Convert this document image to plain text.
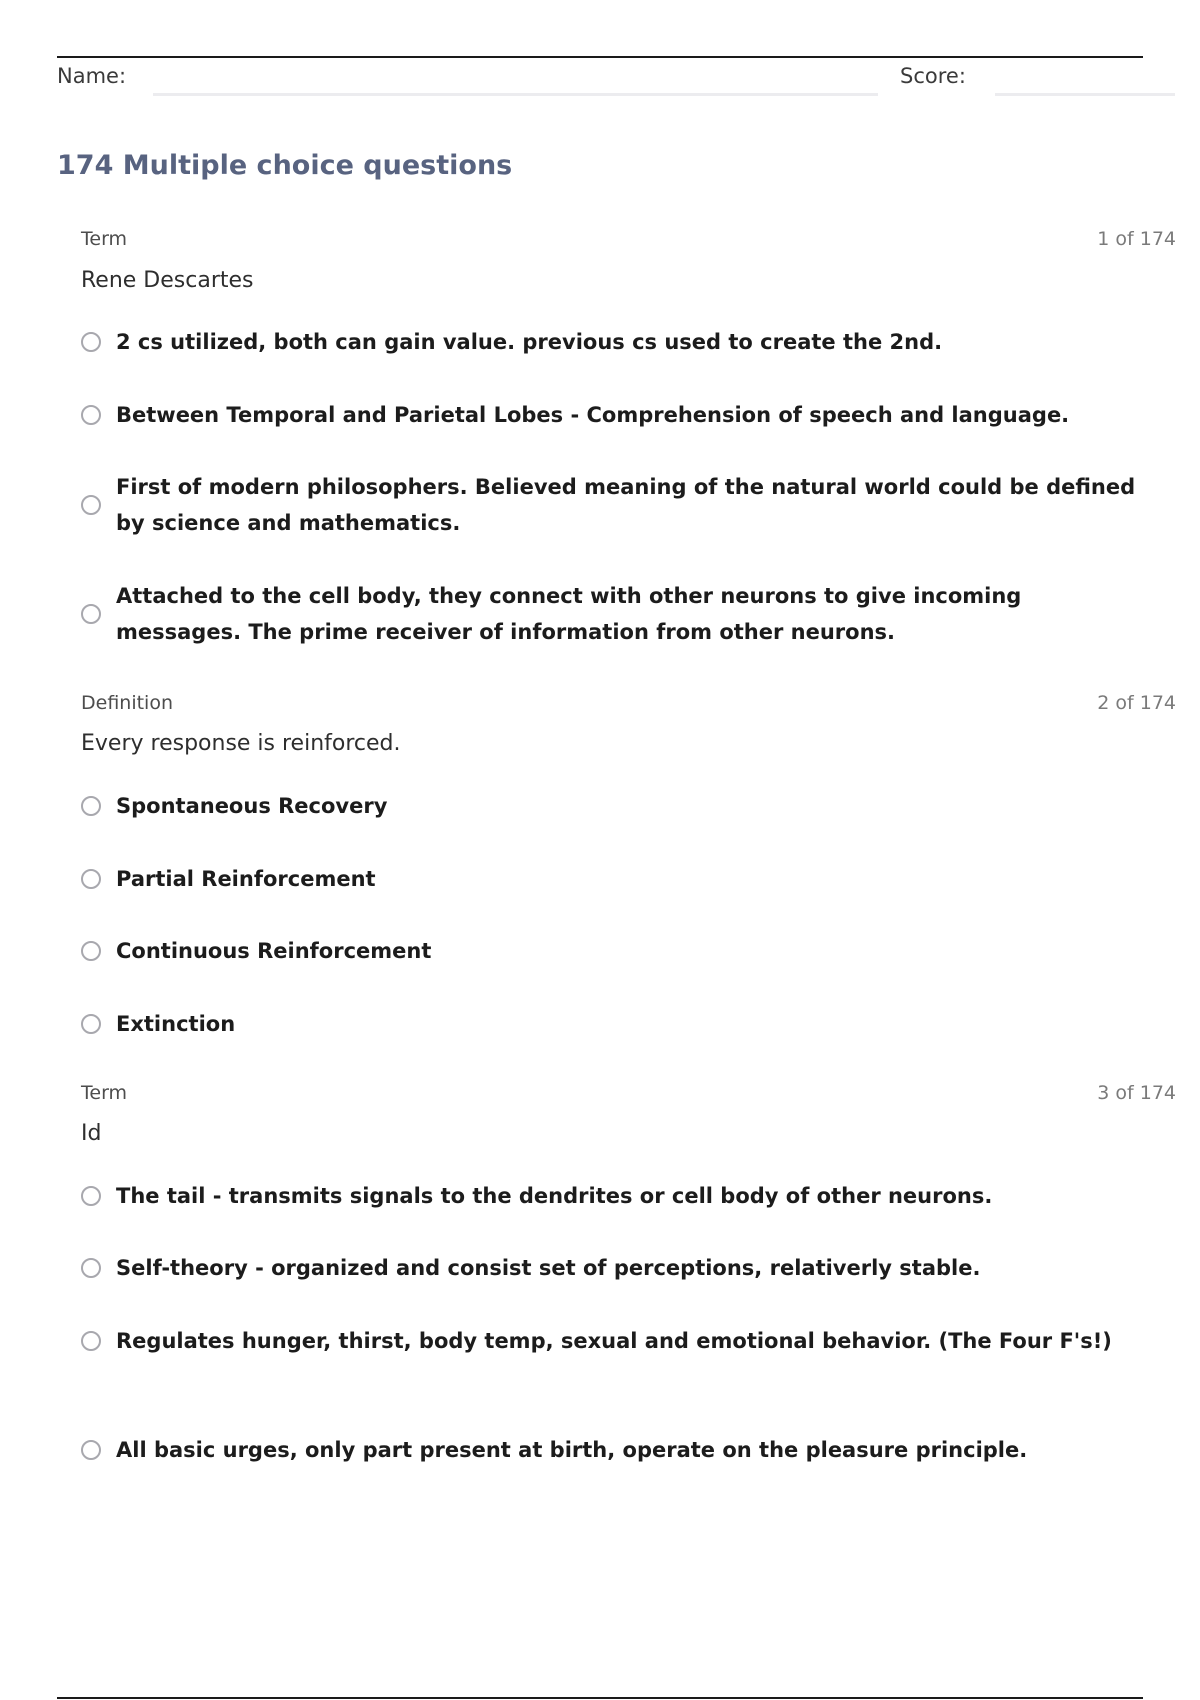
Name:	Score:
174 Multiple choice questions
Term	1 of 174
Rene Descartes
2 cs utilized, both can gain value. previous cs used to create the 2nd.
Between Temporal and Parietal Lobes - Comprehension of speech and language.
First of modern philosophers. Believed meaning of the natural world could be defined by science and mathematics.
Attached to the cell body, they connect with other neurons to give incoming messages. The prime receiver of information from other neurons.
Definition	2 of 174
Every response is reinforced.
Spontaneous Recovery
Partial Reinforcement
Continuous Reinforcement
Extinction
Term	3 of 174
Id
The tail - transmits signals to the dendrites or cell body of other neurons.
Self-theory - organized and consist set of perceptions, relativerly stable.
Regulates hunger, thirst, body temp, sexual and emotional behavior. (The Four F's!)
All basic urges, only part present at birth, operate on the pleasure principle.
